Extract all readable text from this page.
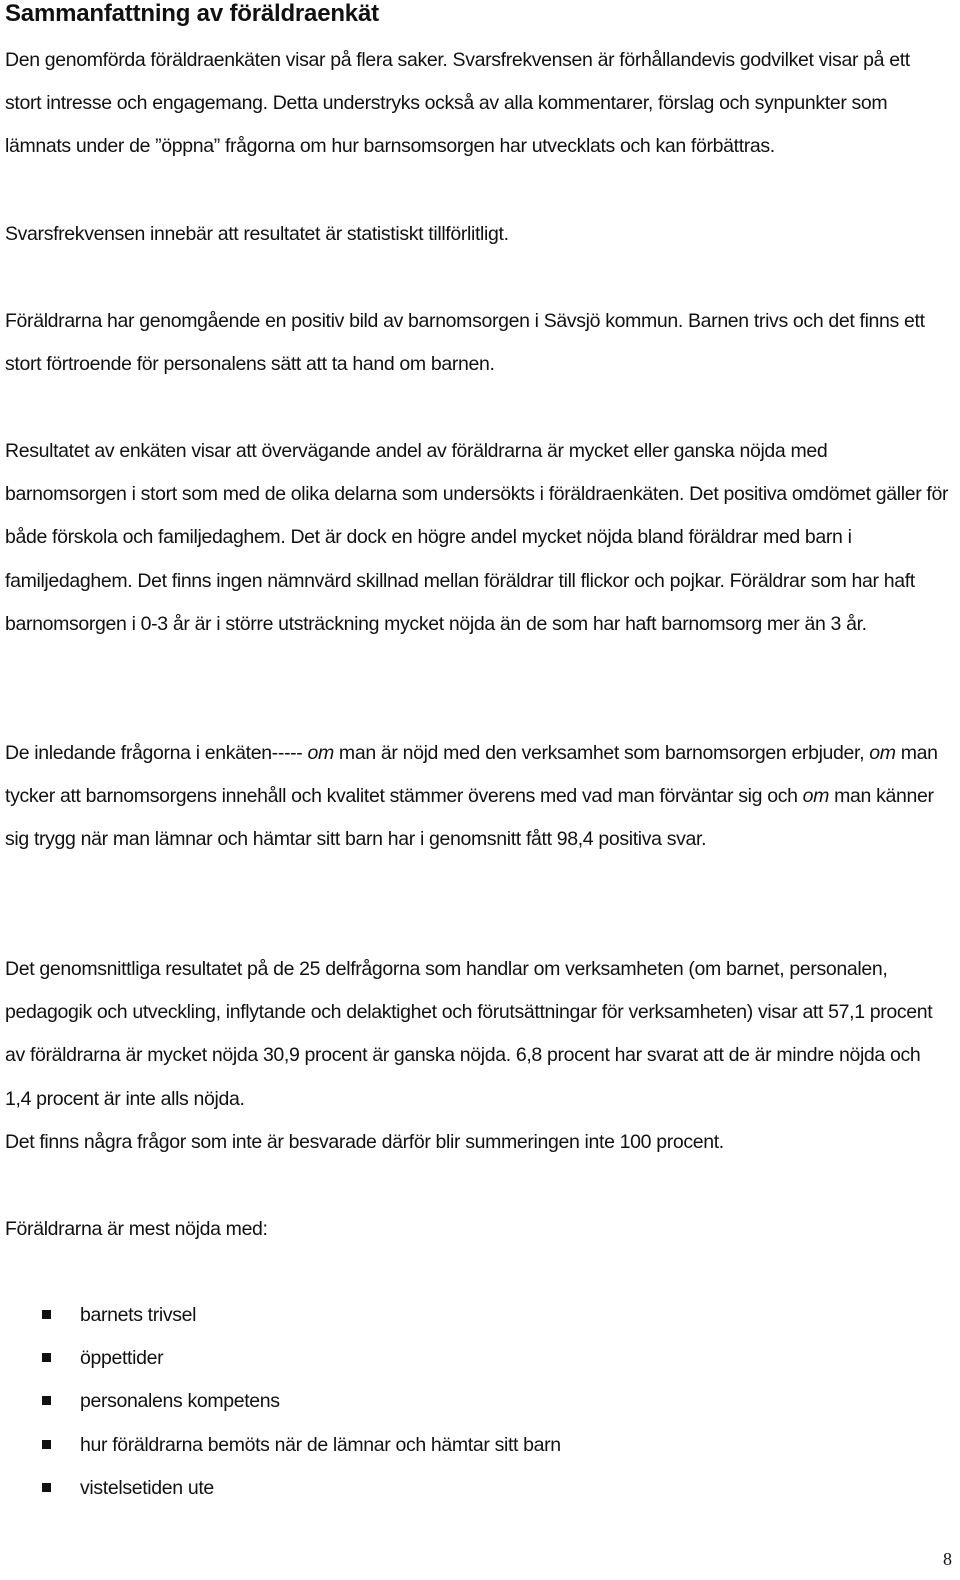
Sammanfattning av föräldraenkät

Den genomförda föräldraenkäten visar på flera saker. Svarsfrekvensen är förhållandevis godvilket visar på ett stort intresse och engagemang. Detta understryks också av alla kommentarer, förslag och synpunkter som lämnats under de ”öppna” frågorna om hur barnsomsorgen har utvecklats och kan förbättras.

Svarsfrekvensen innebär att resultatet är statistiskt tillförlitligt.

Föräldrarna har genomgående en positiv bild av barnomsorgen i Sävsjö kommun. Barnen trivs och det finns ett stort förtroende för personalens sätt att ta hand om barnen.

Resultatet av enkäten visar att övervägande andel av föräldrarna är mycket eller ganska nöjda med barnomsorgen i stort som med de olika delarna som undersökts i föräldraenkäten. Det positiva omdömet gäller för både förskola och familjedaghem. Det är dock en högre andel mycket nöjda bland föräldrar med barn i familjedaghem. Det finns ingen nämnvärd skillnad mellan föräldrar till flickor och pojkar. Föräldrar som har haft barnomsorgen i 0-3 år är i större utsträckning mycket nöjda än de som har haft barnomsorg mer än 3 år.

De inledande frågorna i enkäten----- om man är nöjd med den verksamhet som barnomsorgen erbjuder, om man tycker att barnomsorgens innehåll och kvalitet stämmer överens med vad man förväntar sig och om man känner sig trygg när man lämnar och hämtar sitt barn har i genomsnitt fått 98,4 positiva svar.

Det genomsnittliga resultatet på de 25 delfrågorna som handlar om verksamheten (om barnet, personalen, pedagogik och utveckling, inflytande och delaktighet och förutsättningar för verksamheten) visar att 57,1 procent av föräldrarna är mycket nöjda 30,9 procent är ganska nöjda. 6,8 procent har svarat att de är mindre nöjda och 1,4 procent är inte alls nöjda.

Det finns några frågor som inte är besvarade därför blir summeringen inte 100 procent.

Föräldrarna är mest nöjda med:

barnets trivsel
öppettider
personalens kompetens
hur föräldrarna bemöts när de lämnar och hämtar sitt barn
vistelsetiden ute
8
